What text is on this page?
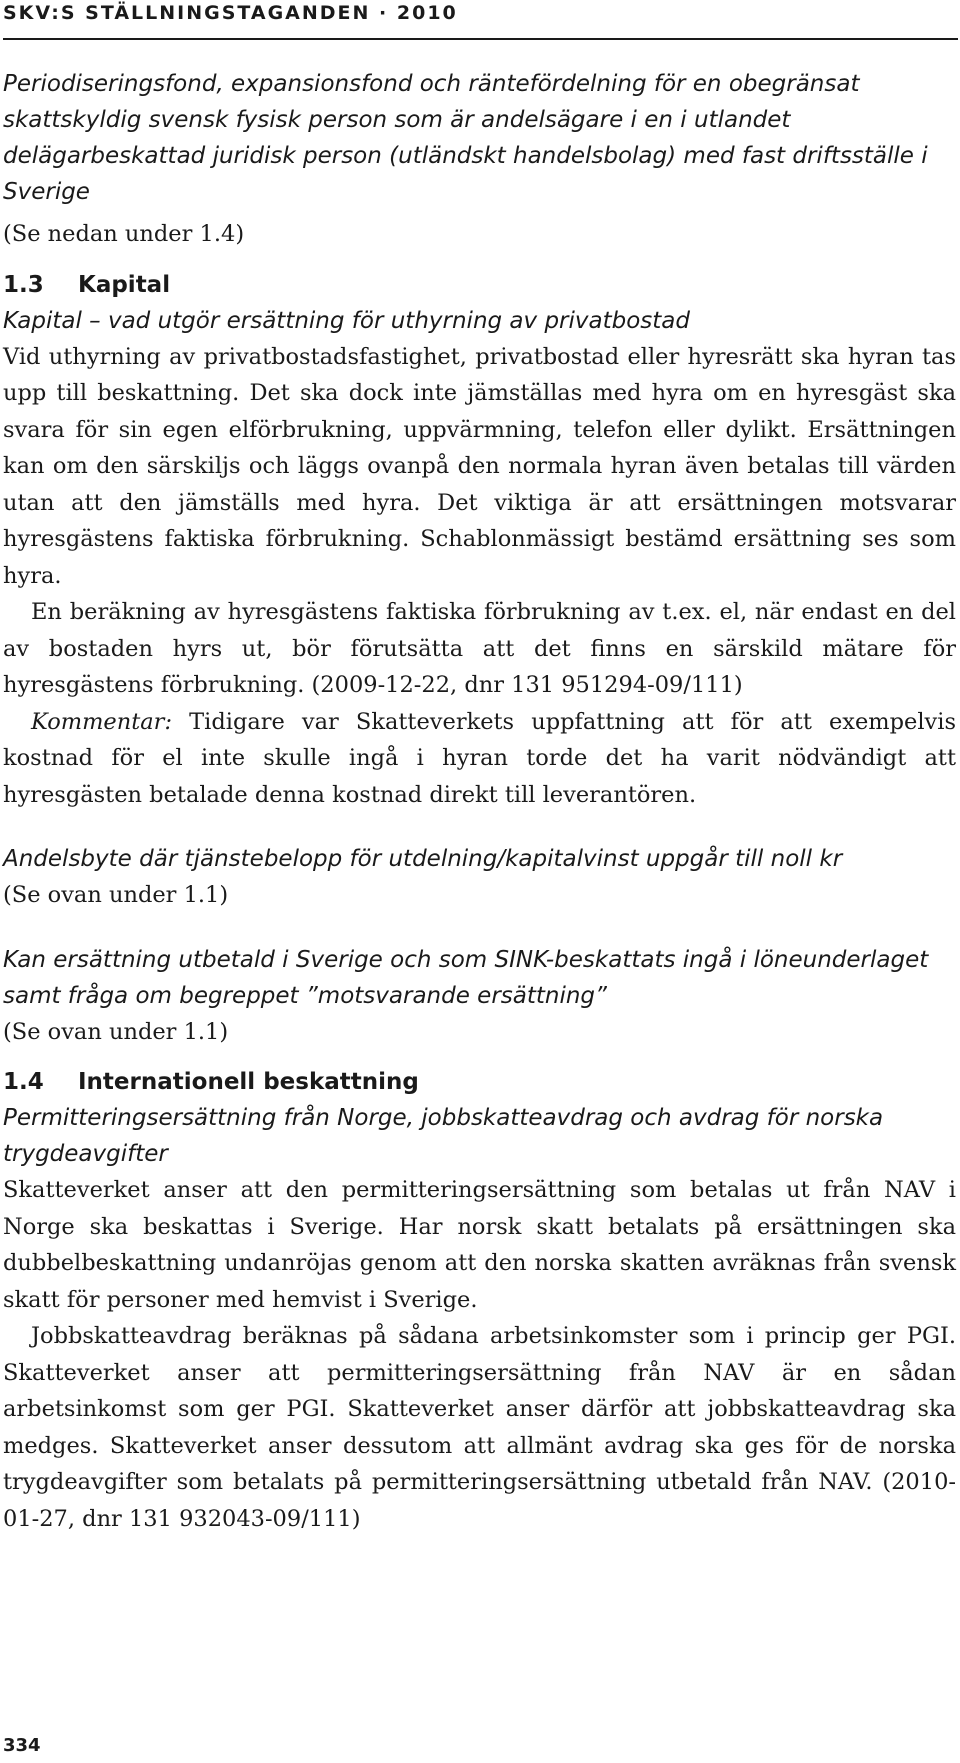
SKV:S STÄLLNINGSTAGANDEN · 2010

Periodiseringsfond, expansionsfond och räntefördelning för en obegränsat skattskyldig svensk fysisk person som är andelsägare i en i utlandet delägarbeskattad juridisk person (utländskt handelsbolag) med fast driftsställe i Sverige

(Se nedan under 1.4)

1.3 Kapital

Kapital – vad utgör ersättning för uthyrning av privatbostad

Vid uthyrning av privatbostadsfastighet, privatbostad eller hyresrätt ska hyran tas upp till beskattning. Det ska dock inte jämställas med hyra om en hyresgäst ska svara för sin egen elförbrukning, uppvärmning, telefon eller dylikt. Ersättningen kan om den särskiljs och läggs ovanpå den normala hyran även betalas till värden utan att den jämställs med hyra. Det viktiga är att ersättningen motsvarar hyresgästens faktiska förbrukning. Schablonmässigt bestämd ersättning ses som hyra.

En beräkning av hyresgästens faktiska förbrukning av t.ex. el, när endast en del av bostaden hyrs ut, bör förutsätta att det finns en särskild mätare för hyresgästens förbrukning. (2009-12-22, dnr 131 951294-09/111)

Kommentar: Tidigare var Skatteverkets uppfattning att för att exempelvis kostnad för el inte skulle ingå i hyran torde det ha varit nödvändigt att hyresgästen betalade denna kostnad direkt till leverantören.

Andelsbyte där tjänstebelopp för utdelning/kapitalvinst uppgår till noll kr

(Se ovan under 1.1)

Kan ersättning utbetald i Sverige och som SINK-beskattats ingå i löneunderlaget samt fråga om begreppet ”motsvarande ersättning”

(Se ovan under 1.1)

1.4 Internationell beskattning

Permitteringsersättning från Norge, jobbskatteavdrag och avdrag för norska trygdeavgifter

Skatteverket anser att den permitteringsersättning som betalas ut från NAV i Norge ska beskattas i Sverige. Har norsk skatt betalats på ersättningen ska dubbelbeskattning undanröjas genom att den norska skatten avräknas från svensk skatt för personer med hemvist i Sverige.

Jobbskatteavdrag beräknas på sådana arbetsinkomster som i princip ger PGI. Skatteverket anser att permitteringsersättning från NAV är en sådan arbetsinkomst som ger PGI. Skatteverket anser därför att jobbskatteavdrag ska medges. Skatteverket anser dessutom att allmänt avdrag ska ges för de norska trygdeavgifter som betalats på permitteringsersättning utbetald från NAV. (2010-01-27, dnr 131 932043-09/111)

334
